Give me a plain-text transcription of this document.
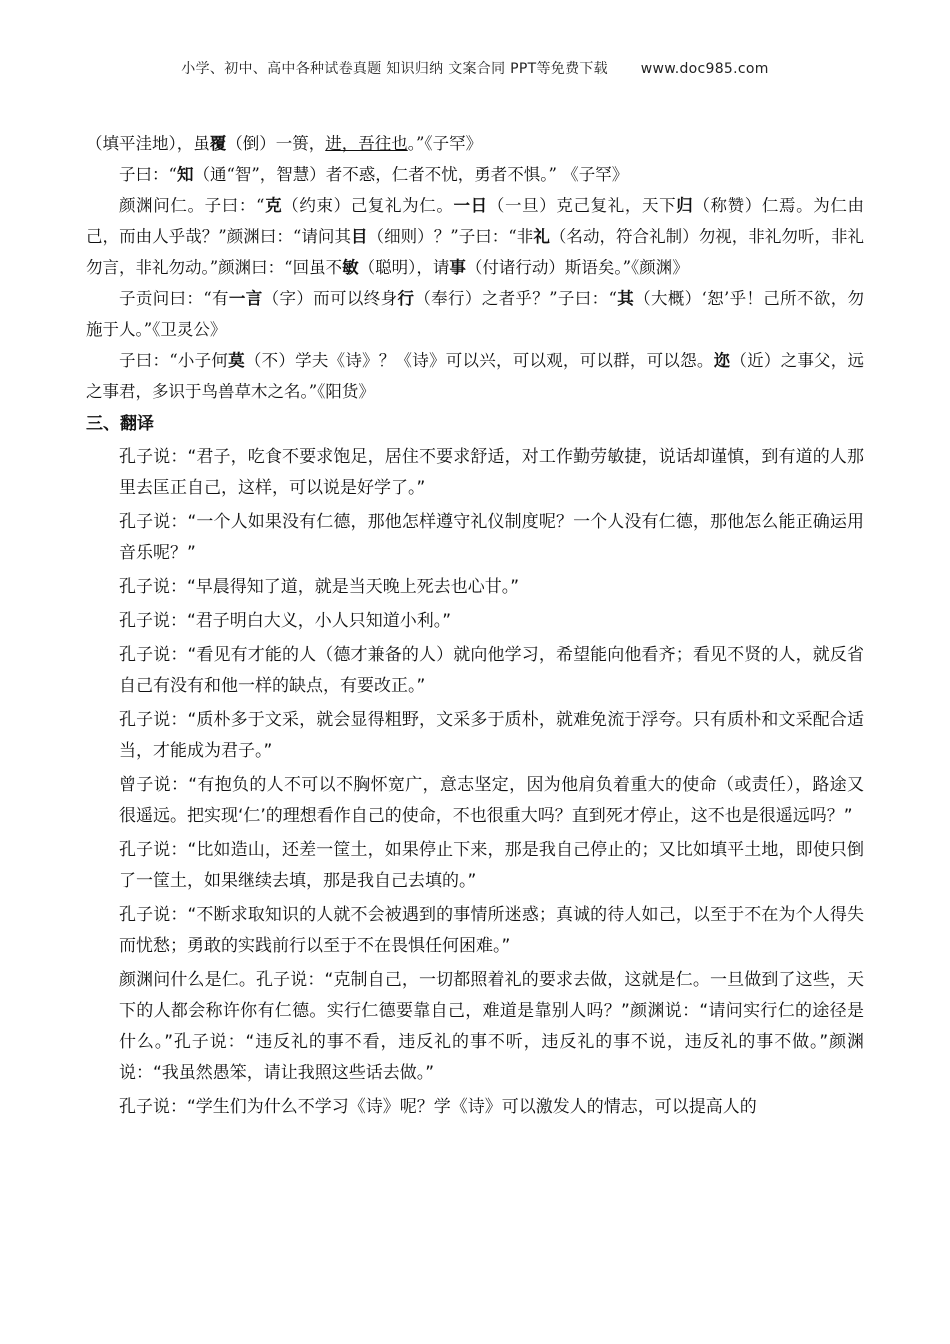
小学、初中、高中各种试卷真题 知识归纳 文案合同 PPT等免费下载 www.doc985.com

（填平洼地），虽覆（倒）一篑，进，吾往也。”《子罕》

子曰：“知（通“智”，智慧）者不惑，仁者不忧，勇者不惧。” 《子罕》

颜渊问仁。子曰：“克（约束）己复礼为仁。一日（一旦）克己复礼，天下归（称赞）仁焉。为仁由己，而由人乎哉？”颜渊曰：“请问其目（细则）？”子曰：“非礼（名动，符合礼制）勿视，非礼勿听，非礼勿言，非礼勿动。”颜渊曰：“回虽不敏（聪明），请事（付诸行动）斯语矣。”《颜渊》

子贡问曰：“有一言（字）而可以终身行（奉行）之者乎？”子曰：“其（大概）‘恕’乎！己所不欲，勿施于人。”《卫灵公》

子曰：“小子何莫（不）学夫《诗》？《诗》可以兴，可以观，可以群，可以怨。迩（近）之事父，远之事君，多识于鸟兽草木之名。”《阳货》

三、翻译

孔子说：“君子，吃食不要求饱足，居住不要求舒适，对工作勤劳敏捷，说话却谨慎，到有道的人那里去匡正自己，这样，可以说是好学了。”

孔子说：“一个人如果没有仁德，那他怎样遵守礼仪制度呢？一个人没有仁德，那他怎么能正确运用音乐呢？”

孔子说：“早晨得知了道，就是当天晚上死去也心甘。”

孔子说：“君子明白大义，小人只知道小利。”

孔子说：“看见有才能的人（德才兼备的人）就向他学习，希望能向他看齐；看见不贤的人，就反省自己有没有和他一样的缺点，有要改正。”

孔子说：“质朴多于文采，就会显得粗野，文采多于质朴，就难免流于浮夸。只有质朴和文采配合适当，才能成为君子。”

曾子说：“有抱负的人不可以不胸怀宽广，意志坚定，因为他肩负着重大的使命（或责任），路途又很遥远。把实现‘仁’的理想看作自己的使命，不也很重大吗？直到死才停止，这不也是很遥远吗？”

孔子说：“比如造山，还差一筐土，如果停止下来，那是我自己停止的；又比如填平土地，即使只倒了一筐土，如果继续去填，那是我自己去填的。”

孔子说：“不断求取知识的人就不会被遇到的事情所迷惑；真诚的待人如己，以至于不在为个人得失而忧愁；勇敢的实践前行以至于不在畏惧任何困难。”

颜渊问什么是仁。孔子说：“克制自己，一切都照着礼的要求去做，这就是仁。一旦做到了这些，天下的人都会称许你有仁德。实行仁德要靠自己，难道是靠别人吗？”颜渊说：“请问实行仁的途径是什么。”孔子说：“违反礼的事不看，违反礼的事不听，违反礼的事不说，违反礼的事不做。”颜渊说：“我虽然愚笨，请让我照这些话去做。”

孔子说：“学生们为什么不学习《诗》呢？学《诗》可以激发人的情志，可以提高人的
